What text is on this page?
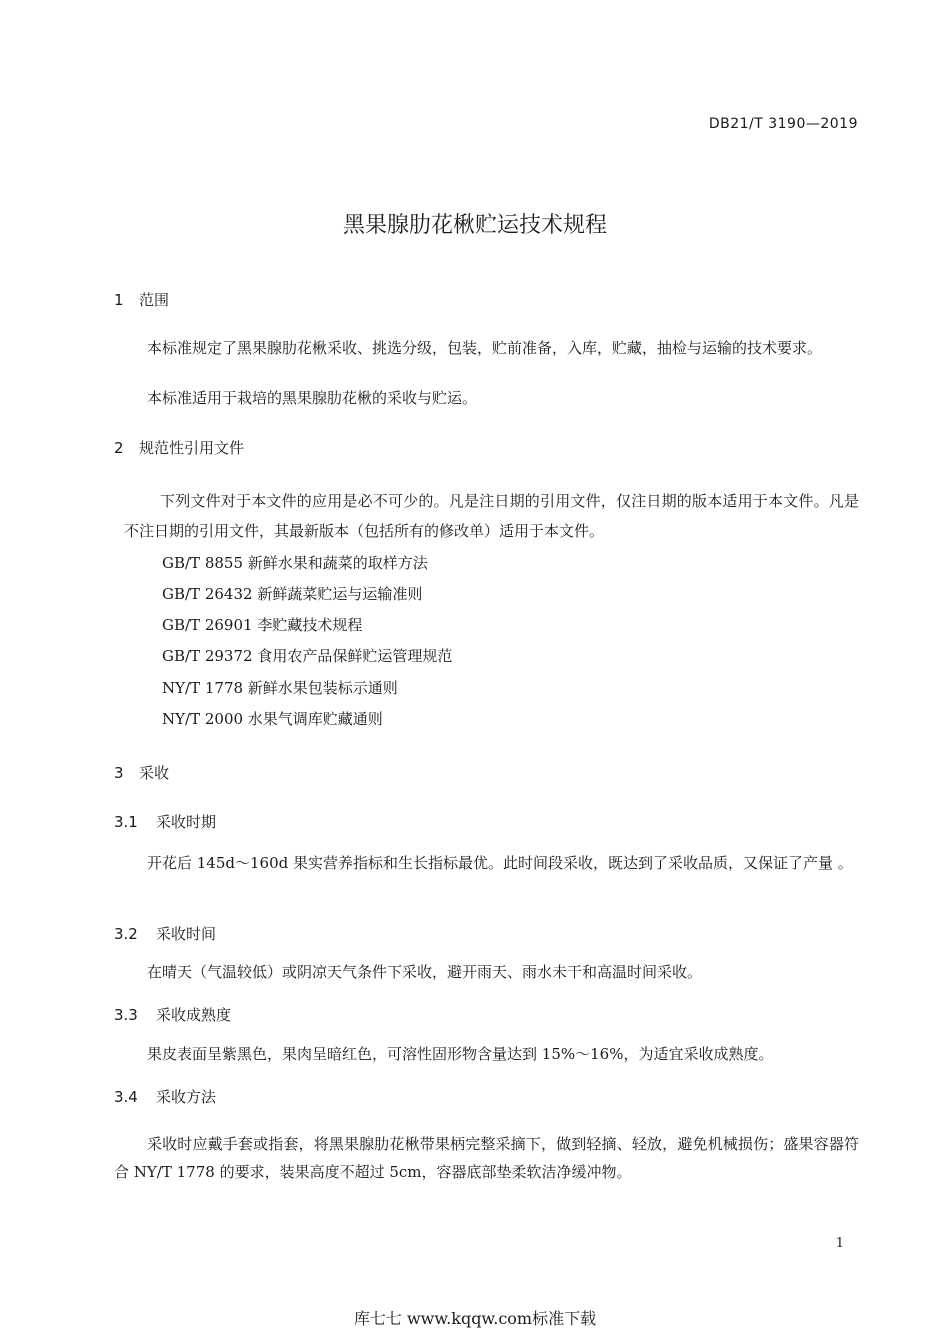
DB21/T 3190—2019
黑果腺肋花楸贮运技术规程
1 范围
本标准规定了黑果腺肋花楸采收、挑选分级，包装，贮前准备，入库，贮藏，抽检与运输的技术要求。
本标准适用于栽培的黑果腺肋花楸的采收与贮运。
2 规范性引用文件
下列文件对于本文件的应用是必不可少的。凡是注日期的引用文件，仅注日期的版本适用于本文件。凡是不注日期的引用文件，其最新版本（包括所有的修改单）适用于本文件。
GB/T 8855 新鲜水果和蔬菜的取样方法
GB/T 26432 新鲜蔬菜贮运与运输准则
GB/T 26901 李贮藏技术规程
GB/T 29372 食用农产品保鲜贮运管理规范
NY/T 1778 新鲜水果包装标示通则
NY/T 2000 水果气调库贮藏通则
3 采收
3.1 采收时期
开花后 145d～160d 果实营养指标和生长指标最优。此时间段采收，既达到了采收品质，又保证了产量 。
3.2 采收时间
在晴天（气温较低）或阴凉天气条件下采收，避开雨天、雨水未干和高温时间采收。
3.3 采收成熟度
果皮表面呈紫黑色，果肉呈暗红色，可溶性固形物含量达到 15%～16%，为适宜采收成熟度。
3.4 采收方法
采收时应戴手套或指套，将黑果腺肋花楸带果柄完整采摘下，做到轻摘、轻放，避免机械损伤；盛果容器符合 NY/T 1778 的要求，装果高度不超过 5cm，容器底部垫柔软洁净缓冲物。
1
库七七 www.kqqw.com标准下载
